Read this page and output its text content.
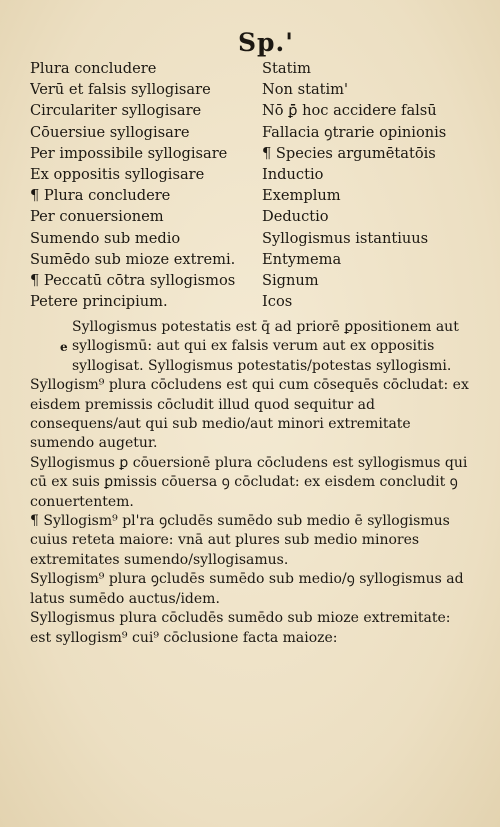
Sp.'
Plura concludere
Verū et falsis syllogisare
Circulariter syllogisare
Cōuersiue syllogisare
Per impossibile syllogisare
Ex oppositis syllogisare
¶ Plura concludere
Per conuersionem
Sumendo sub medio
Sumēdo sub mioze extremi.
¶ Peccatū cōtra syllogismos
Petere principium.
Statim
Non statim'
Nō ꝑ̄ hoc accidere falsū
Fallacia ꝯtrarie opinionis
¶ Species argumētatōis
Inductio
Exemplum
Deductio
Syllogismus istantiuus
Entymema
Signum
Icos
e

Syllogismus potestatis est q̄ ad priorē ꝑpositionem aut syllogismū: aut qui ex falsis verum aut ex oppositis syllogisat. Syllogismus potestatis/potestas syllogismi.

Syllogism⁹ plura cōcludens est qui cum cōsequēs cōcludat: ex eisdem premissis cōcludit illud quod sequitur ad consequens/aut qui sub medio/aut minori extremitate sumendo augetur.

Syllogismus ꝑ cōuersionē plura cōcludens est syllogismus qui cū ex suis ꝑmissis cōuersa ꝯ cōcludat: ex eisdem concludit ꝯ conuertentem.

¶ Syllogism⁹ pl'ra ꝯcludēs sumēdo sub medio ē syllogismus cuius reteta maiore: vnā aut plures sub medio minores extremitates sumendo/syllogisamus.

Syllogism⁹ plura ꝯcludēs sumēdo sub medio/ꝯ syllogismus ad latus sumēdo auctus/idem.

Syllogismus plura cōcludēs sumēdo sub mioze extremitate: est syllogism⁹ cui⁹ cōclusione facta maioze:
